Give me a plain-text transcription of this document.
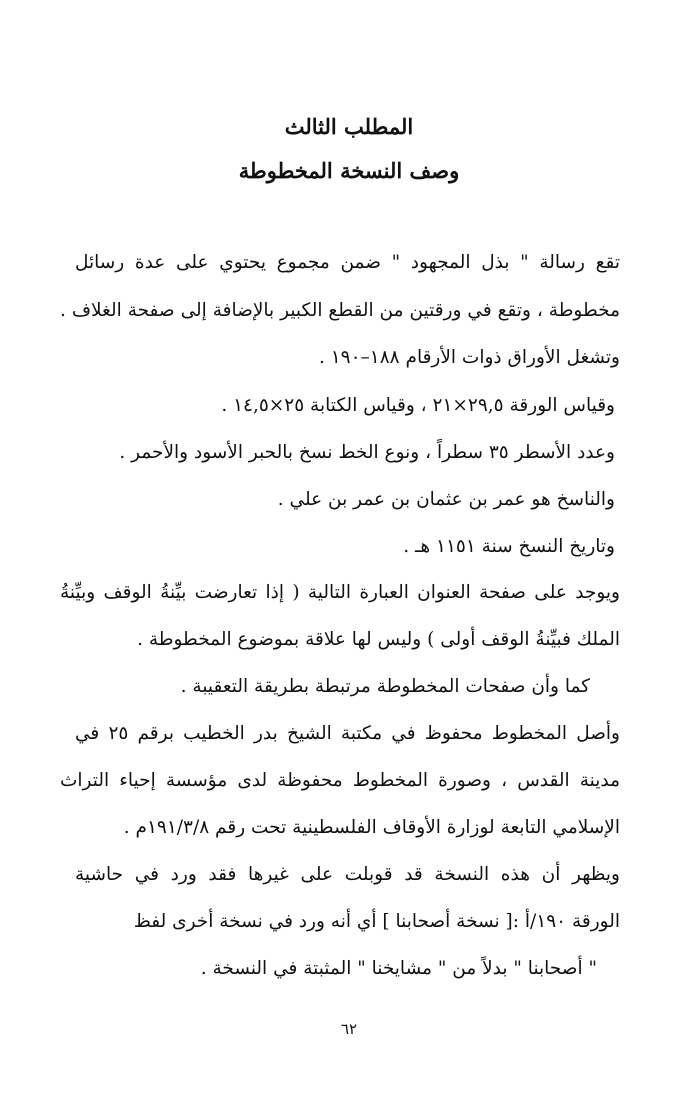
المطلب الثالث
وصف النسخة المخطوطة
تقع رسالة " بذل المجهود " ضمن مجموع يحتوي على عدة رسائل
مخطوطة ، وتقع في ورقتين من القطع الكبير بالإضافة إلى صفحة الغلاف .
وتشغل الأوراق ذوات الأرقام ١٨٨–١٩٠ .
وقياس الورقة ٢٩,٥×٢١ ، وقياس الكتابة ٢٥×١٤,٥ .
وعدد الأسطر ٣٥ سطراً ، ونوع الخط نسخ بالحبر الأسود والأحمر .
والناسخ هو عمر بن عثمان بن عمر بن علي .
وتاريخ النسخ سنة ١١٥١ هـ .
ويوجد على صفحة العنوان العبارة التالية ( إذا تعارضت بيِّنةُ الوقف وبيِّنةُ
الملك فبيِّنةُ الوقف أولى ) وليس لها علاقة بموضوع المخطوطة .
كما وأن صفحات المخطوطة مرتبطة بطريقة التعقيبة .
وأصل المخطوط محفوظ في مكتبة الشيخ بدر الخطيب برقم ٢٥ في
مدينة القدس ، وصورة المخطوط محفوظة لدى مؤسسة إحياء التراث
الإسلامي التابعة لوزارة الأوقاف الفلسطينية تحت رقم ١٩١/٣/٨م .
ويظهر أن هذه النسخة قد قوبلت على غيرها فقد ورد في حاشية
الورقة ١٩٠/أ :[ نسخة أصحابنا ] أي أنه ورد في نسخة أخرى لفظ
" أصحابنا " بدلاً من " مشايخنا " المثبتة في النسخة .
٦٢
